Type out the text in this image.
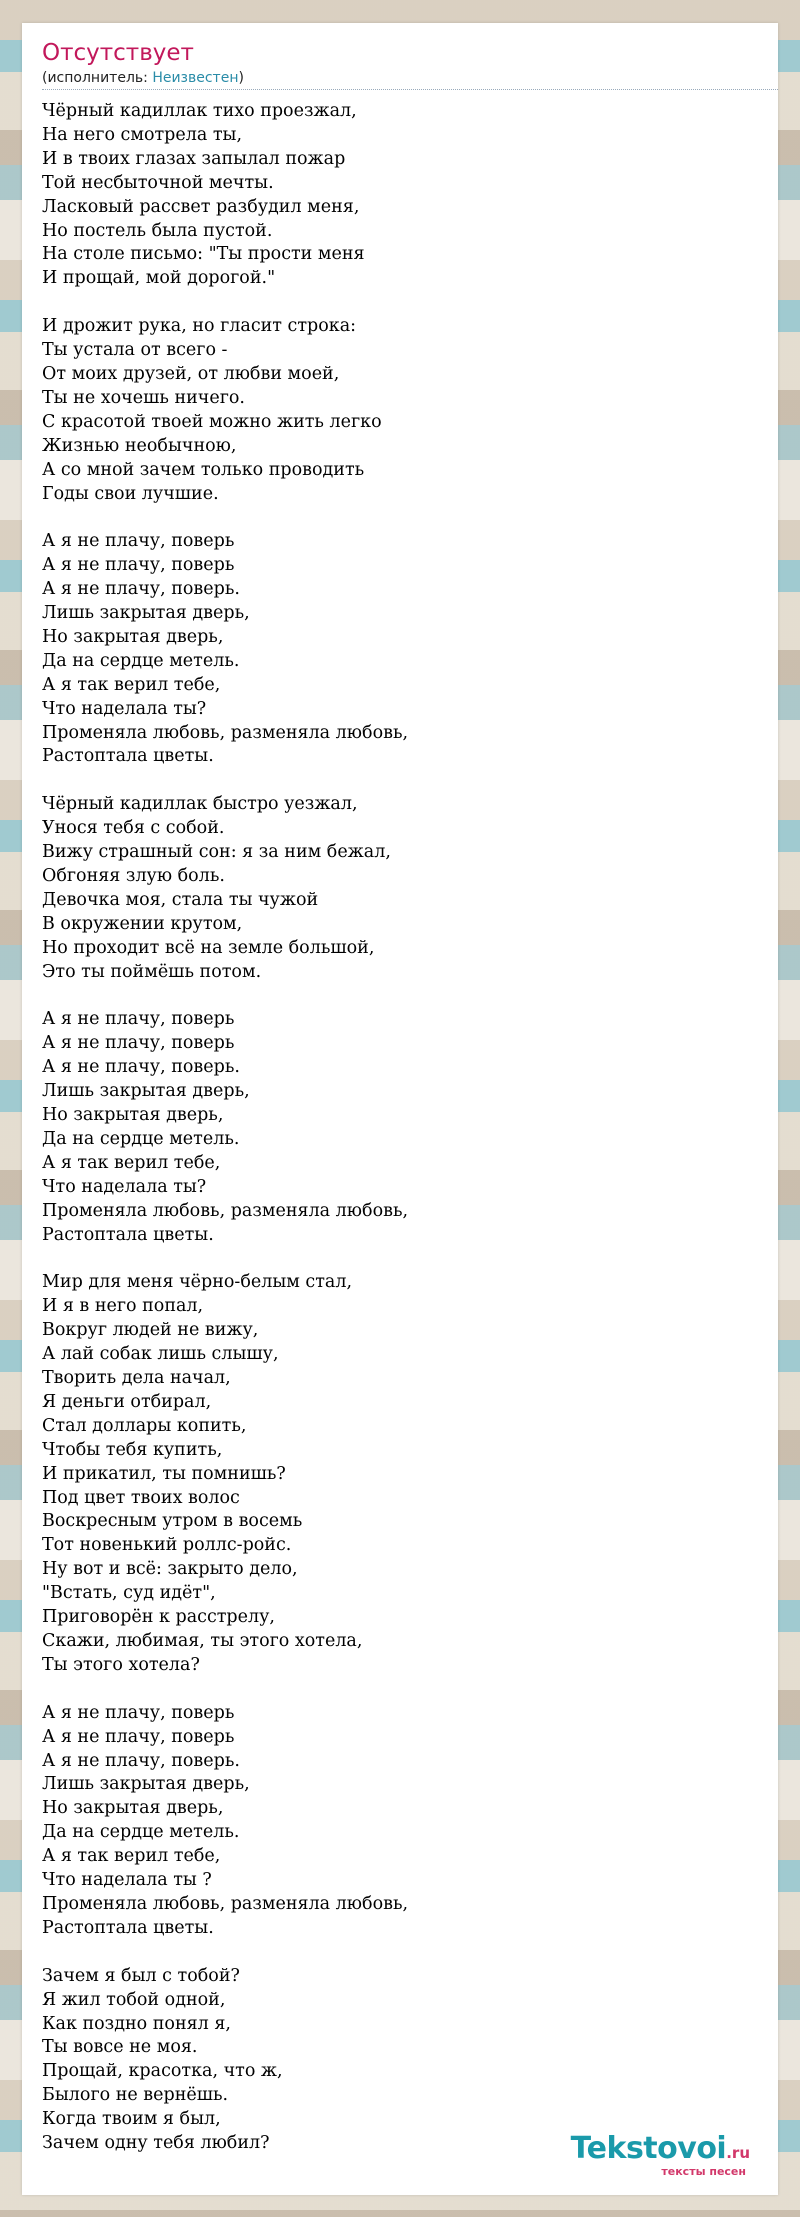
Отсутствует
(исполнитель: Неизвестен)
Чёрный кадиллак тихо проезжал,
На него смотрела ты,
И в твоих глазах запылал пожар
Той несбыточной мечты.
Ласковый рассвет разбудил меня,
Но постель была пустой.
На столе письмо: "Ты прости меня
И прощай, мой дорогой."

И дрожит рука, но гласит строка:
Ты устала от всего -
От моих друзей, от любви моей,
Ты не хочешь ничего.
С красотой твоей можно жить легко
Жизнью необычною,
А со мной зачем только проводить
Годы свои лучшие.

А я не плачу, поверь
А я не плачу, поверь
А я не плачу, поверь.
Лишь закрытая дверь,
Но закрытая дверь,
Да на сердце метель.
А я так верил тебе,
Что наделала ты?
Променяла любовь, разменяла любовь,
Растоптала цветы.

Чёрный кадиллак быстро уезжал,
Унося тебя с собой.
Вижу страшный сон: я за ним бежал,
Обгоняя злую боль.
Девочка моя, стала ты чужой
В окружении крутом,
Но проходит всё на земле большой,
Это ты поймёшь потом.

А я не плачу, поверь
А я не плачу, поверь
А я не плачу, поверь.
Лишь закрытая дверь,
Но закрытая дверь,
Да на сердце метель.
А я так верил тебе,
Что наделала ты?
Променяла любовь, разменяла любовь,
Растоптала цветы.

Мир для меня чёрно-белым стал,
И я в него попал,
Вокруг людей не вижу,
А лай собак лишь слышу,
Творить дела начал,
Я деньги отбирал,
Стал доллары копить,
Чтобы тебя купить,
И прикатил, ты помнишь?
Под цвет твоих волос
Воскресным утром в восемь
Тот новенький роллс-ройс.
Ну вот и всё: закрыто дело,
"Встать, суд идёт",
Приговорён к расстрелу,
Скажи, любимая, ты этого хотела,
Ты этого хотела?

А я не плачу, поверь
А я не плачу, поверь
А я не плачу, поверь.
Лишь закрытая дверь,
Но закрытая дверь,
Да на сердце метель.
А я так верил тебе,
Что наделала ты ?
Променяла любовь, разменяла любовь,
Растоптала цветы.

Зачем я был с тобой?
Я жил тобой одной,
Как поздно понял я,
Ты вовсе не моя.
Прощай, красотка, что ж,
Былого не вернёшь.
Когда твоим я был,
Зачем одну тебя любил?	Tekstovoi.ru
тексты песен
